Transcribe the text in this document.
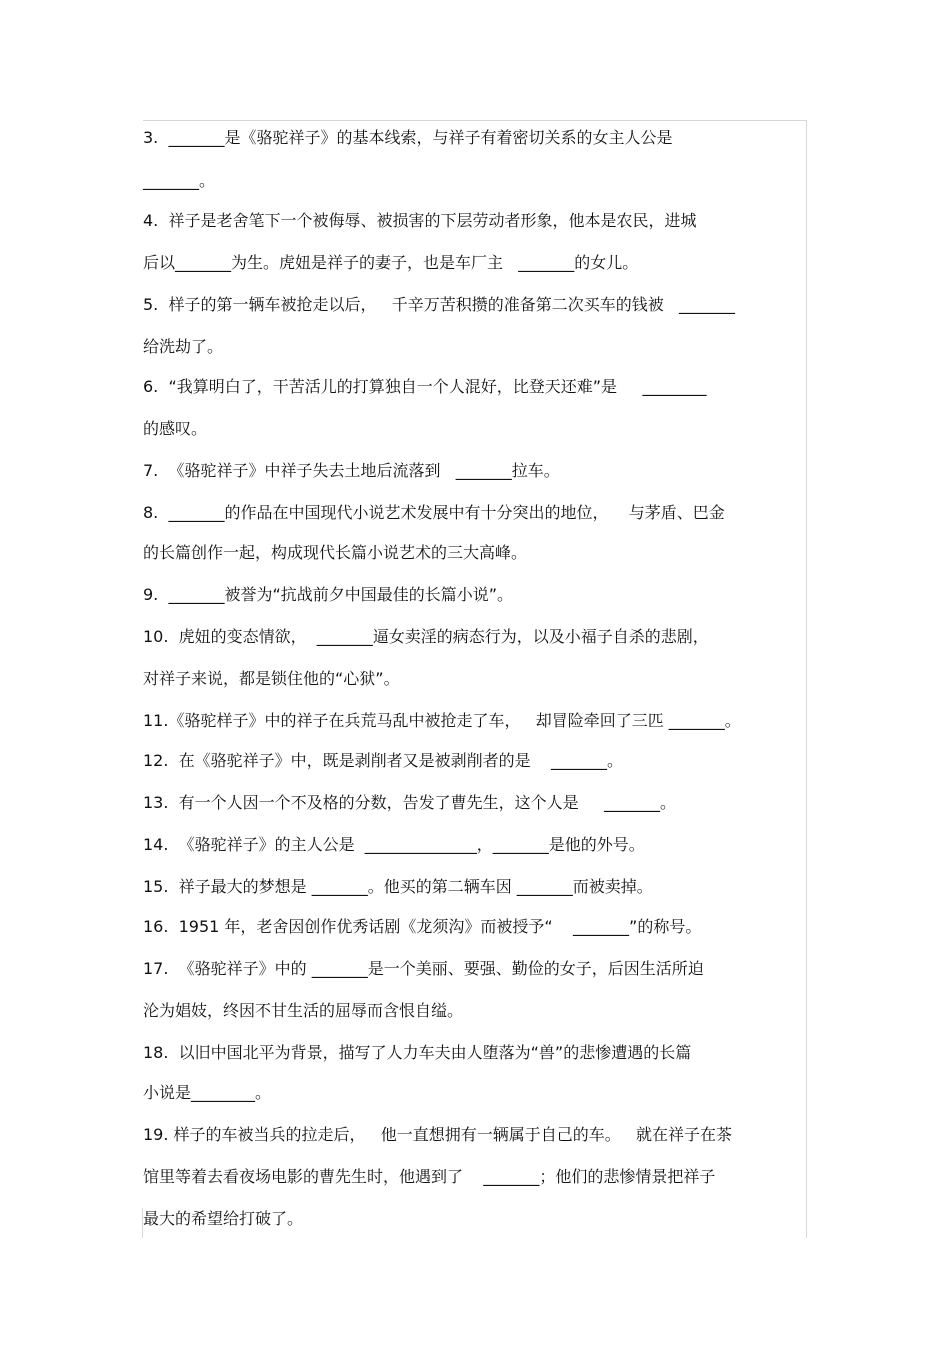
3.  _______是《骆驼祥子》的基本线索，与祥子有着密切关系的女主人公是
_______。
4.  祥子是老舍笔下一个被侮辱、被损害的下层劳动者形象，他本是农民，进城
后以_______为生。虎妞是祥子的妻子，也是车厂主   _______的女儿。
5.  样子的第一辆车被抢走以后，   千辛万苦积攒的准备第二次买车的钱被   _______
给洗劫了。
6.  “我算明白了，干苦活儿的打算独自一个人混好，比登天还难”是     ________
的感叹。
7.  《骆驼祥子》中祥子失去土地后流落到   _______拉车。
8.  _______的作品在中国现代小说艺术发展中有十分突出的地位，    与茅盾、巴金
的长篇创作一起，构成现代长篇小说艺术的三大高峰。
9.  _______被誉为“抗战前夕中国最佳的长篇小说”。
10.  虎妞的变态情欲，  _______逼女卖淫的病态行为，以及小福子自杀的悲剧，
对祥子来说，都是锁住他的“心狱”。
11.《骆驼样子》中的祥子在兵荒马乱中被抢走了车，   却冒险牵回了三匹 _______。
12.  在《骆驼祥子》中，既是剥削者又是被剥削者的是    _______。
13.  有一个人因一个不及格的分数，告发了曹先生，这个人是     _______。
14.  《骆驼祥子》的主人公是  ______________，_______是他的外号。
15.  祥子最大的梦想是 _______。他买的第二辆车因 _______而被卖掉。
16.  1951 年，老舍因创作优秀话剧《龙须沟》而被授予“    _______”的称号。
17.  《骆驼祥子》中的 _______是一个美丽、要强、勤俭的女子，后因生活所迫
沦为娼妓，终因不甘生活的屈辱而含恨自缢。
18.  以旧中国北平为背景，描写了人力车夫由人堕落为“兽”的悲惨遭遇的长篇
小说是________。
19. 样子的车被当兵的拉走后，   他一直想拥有一辆属于自己的车。   就在祥子在茶
馆里等着去看夜场电影的曹先生时，他遇到了    _______；他们的悲惨情景把祥子
最大的希望给打破了。
